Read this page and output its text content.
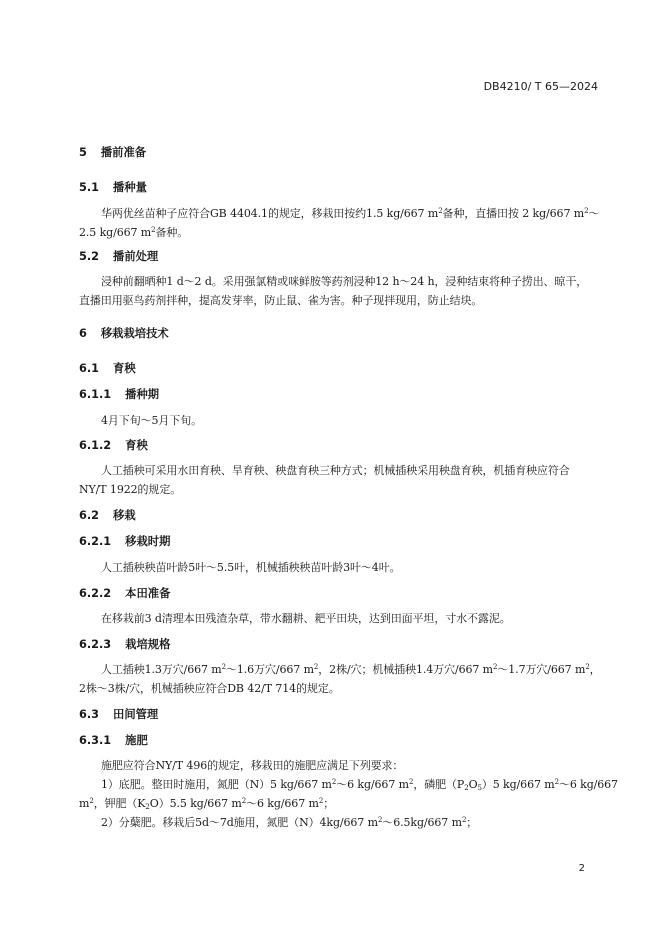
DB4210/ T 65—2024
5 播前准备
5.1 播种量
华两优丝苗种子应符合GB 4404.1的规定，移栽田按约1.5 kg/667 $m^2$备种，直播田按 2 kg/667 $m^2\sim$
2.5 kg/667 $m^2$备种。
5.2 播前处理
浸种前翻晒种1 d～2 d。采用强氯精或咪鲜胺等药剂浸种12 h～24 h，浸种结束将种子捞出、晾干，
直播田用驱鸟药剂拌种，提高发芽率，防止鼠、雀为害。种子现拌现用，防止结块。
6 移栽栽培技术
6.1 育秧
6.1.1 播种期
4月下旬～5月下旬。
6.1.2 育秧
人工插秧可采用水田育秧、旱育秧、秧盘育秧三种方式；机械插秧采用秧盘育秧，机插育秧应符合
NY/T 1922的规定。
6.2 移栽
6.2.1 移栽时期
人工插秧秧苗叶龄5叶～5.5叶，机械插秧秧苗叶龄3叶～4叶。
6.2.2 本田准备
在移栽前3 d清理本田残渣杂草，带水翻耕、耙平田块，达到田面平坦，寸水不露泥。
6.2.3 栽培规格
人工插秧1.3万穴/667 $m^2\sim 1.6$万穴/667 $m^2$，2株/穴；机械插秧1.4万穴/667 $m^2\sim 1.7$万穴/667 $m^2$，
2株～3株/穴，机械插秧应符合DB 42/T 714的规定。
6.3 田间管理
6.3.1 施肥
施肥应符合NY/T 496的规定，移栽田的施肥应满足下列要求：
1）底肥。整田时施用，氮肥（N）5 kg/667 $m^2\sim 6$ kg/667 $m^2$，磷肥$(P_2O_5)5$ kg/667 $m^2\sim 6$ kg/667
$m^2$，钾肥$(K_2O)5.5$ kg/667 $m^2\sim 6$ kg/667 $m^2$；
2）分蘖肥。移栽后5d～7d施用，氮肥（N）4kg/667 $m^2\sim 6.5kg/667$ $m^2$；
2
